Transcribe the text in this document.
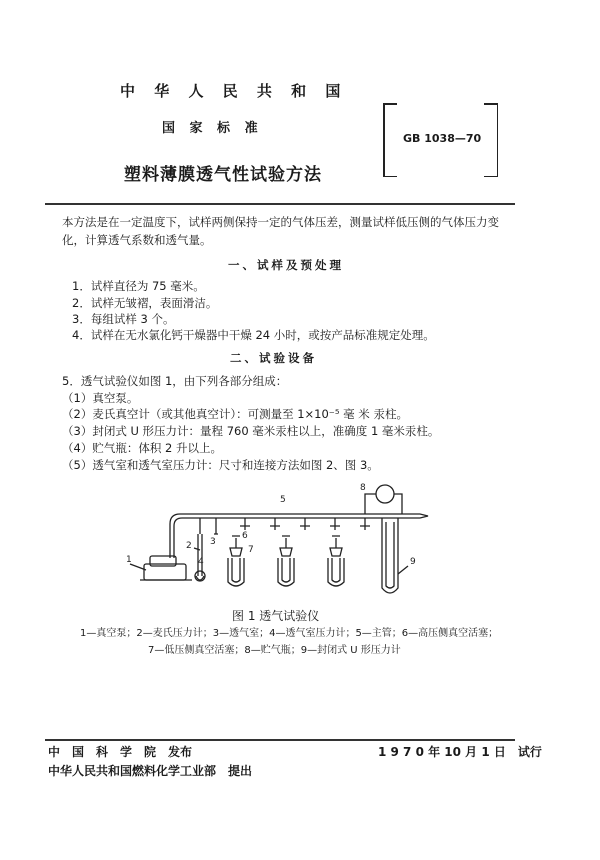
中 华 人 民 共 和 国
国 家 标 准
塑料薄膜透气性试验方法
GB 1038—70
本方法是在一定温度下，试样两侧保持一定的气体压差，测量试样低压侧的气体压力变化，计算透气系数和透气量。
一、试样及预处理
1．试样直径为 75 毫米。
2．试样无皱褶，表面滑洁。
3．每组试样 3 个。
4．试样在无水氯化钙干燥器中干燥 24 小时，或按产品标准规定处理。
二、试验设备
5．透气试验仪如图 1，由下列各部分组成：
（1）真空泵。
（2）麦氏真空计（或其他真空计）：可测量至 1×10⁻⁵ 毫 米 汞柱。
（3）封闭式 U 形压力计：量程 760 毫米汞柱以上，准确度 1 毫米汞柱。
（4）贮气瓶：体积 2 升以上。
（5）透气室和透气室压力计：尺寸和连接方法如图 2、图 3。
1
2 3
4
5
6
7
8
9
图 1 透气试验仪
1—真空泵；2—麦氏压力计；3—透气室；4—透气室压力计；5—主管；6—高压侧真空活塞；
7—低压侧真空活塞；8—贮气瓶；9—封闭式 U 形压力计
中　国　科　学　院　发布	1 9 7 0 年 10 月 1 日　试行
中华人民共和国燃料化学工业部　提出
